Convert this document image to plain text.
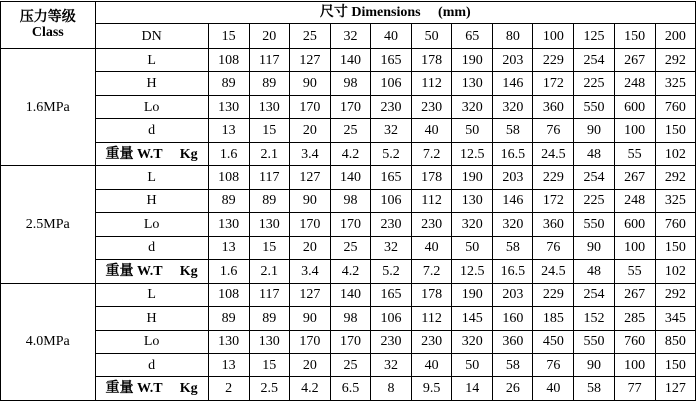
压力等级
Class	尺寸 Dimensions　 (mm)												
	DN	15	20	25	32	40	50	65	80	100	125	150	200
1.6MPa	L	108	117	127	140	165	178	190	203	229	254	267	292
	H	89	89	90	98	106	112	130	146	172	225	248	325
	Lo	130	130	170	170	230	230	320	320	360	550	600	760
	d	13	15	20	25	32	40	50	58	76	90	100	150
	重量 W.T　 Kg	1.6	2.1	3.4	4.2	5.2	7.2	12.5	16.5	24.5	48	55	102
2.5MPa	L	108	117	127	140	165	178	190	203	229	254	267	292
	H	89	89	90	98	106	112	130	146	172	225	248	325
	Lo	130	130	170	170	230	230	320	320	360	550	600	760
	d	13	15	20	25	32	40	50	58	76	90	100	150
	重量 W.T　 Kg	1.6	2.1	3.4	4.2	5.2	7.2	12.5	16.5	24.5	48	55	102
4.0MPa	L	108	117	127	140	165	178	190	203	229	254	267	292
	H	89	89	90	98	106	112	145	160	185	152	285	345
	Lo	130	130	170	170	230	230	320	360	450	550	760	850
	d	13	15	20	25	32	40	50	58	76	90	100	150
	重量 W.T　 Kg	2	2.5	4.2	6.5	8	9.5	14	26	40	58	77	127
